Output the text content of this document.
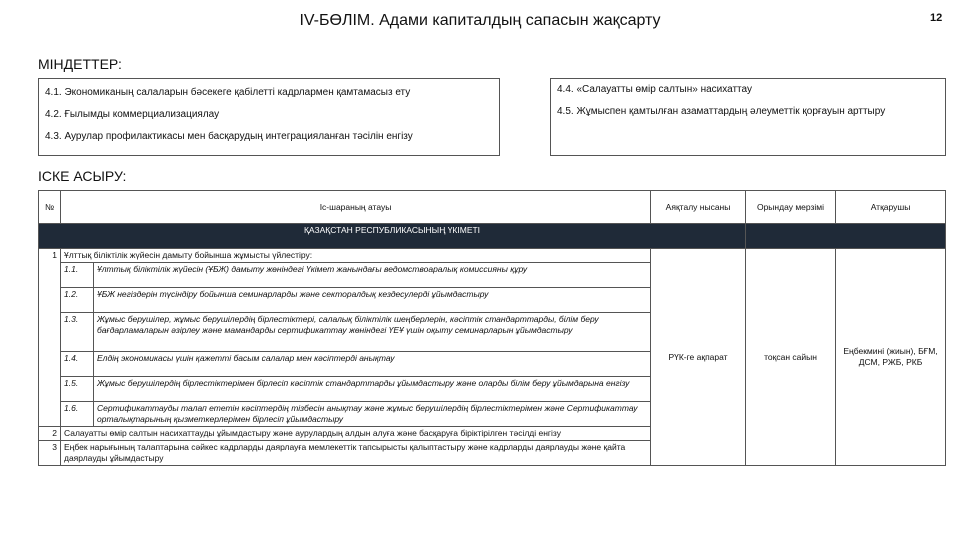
IV-БӨЛІМ. Адами капиталдың сапасын жақсарту	12
МІНДЕТТЕР:
4.1. Экономиканың салаларын бәсекеге қабілетті кадрлармен қамтамасыз ету
4.2. Ғылымды коммерциализациялау
4.3. Аурулар профилактикасы мен басқарудың интеграцияланған тәсілін енгізу
4.4. «Салауатты өмір салтын» насихаттау
4.5. Жұмыспен қамтылған азаматтардың әлеуметтік қорғауын арттыру
ІСКЕ АСЫРУ:
№	Іс-шараның атауы		Аяқталу нысаны	Орындау мерзімі	Атқарушы
ҚАЗАҚСТАН РЕСПУБЛИКАСЫНЫҢ ҮКІМЕТІ					
1	Ұлттық біліктілік жүйесін дамыту бойынша жұмысты үйлестіру:		РҮК-ге ақпарат	тоқсан сайын	Еңбекминi (жиын), БҒМ, ДСМ, РЖБ, РКБ
	1.1.	Ұлттық біліктілік жүйесін (ҰБЖ) дамыту жөніндегі Үкімет жанындағы ведомствоаралық комиссияны құру			
	1.2.	ҰБЖ негіздерін түсіндіру бойынша семинарларды және секторалдық кездесулерді ұйымдастыру			
	1.3.	Жұмыс берушілер, жұмыс берушілердің бірлестіктері, салалық біліктілік шеңберлерін, кәсіптік стандарттарды, білім беру бағдарламаларын әзірлеу және мамандарды сертификаттау жөніндегі ҮЕҰ үшін оқыту семинарларын ұйымдастыру			
	1.4.	Елдің экономикасы үшін қажетті басым салалар мен кәсіптерді анықтау			
	1.5.	Жұмыс берушілердің бірлестіктерімен бірлесіп кәсіптік стандарттарды ұйымдастыру және оларды білім беру ұйымдарына енгізу			
	1.6.	Сертификаттауды талап ететін кәсіптердің тізбесін анықтау және жұмыс берушілердің бірлестіктерімен және Сертификаттау орталықтарының қызметкерлерімен бірлесіп ұйымдастыру			
2	Салауатты өмір салтын насихаттауды ұйымдастыру және аурулардың алдын алуға және басқаруға біріктірілген тәсілді енгізу				
3	Еңбек нарығының талаптарына сәйкес кадрларды даярлауға мемлекеттік тапсырысты қалыптастыру және кадрларды даярлауды және қайта даярлауды ұйымдастыру				
